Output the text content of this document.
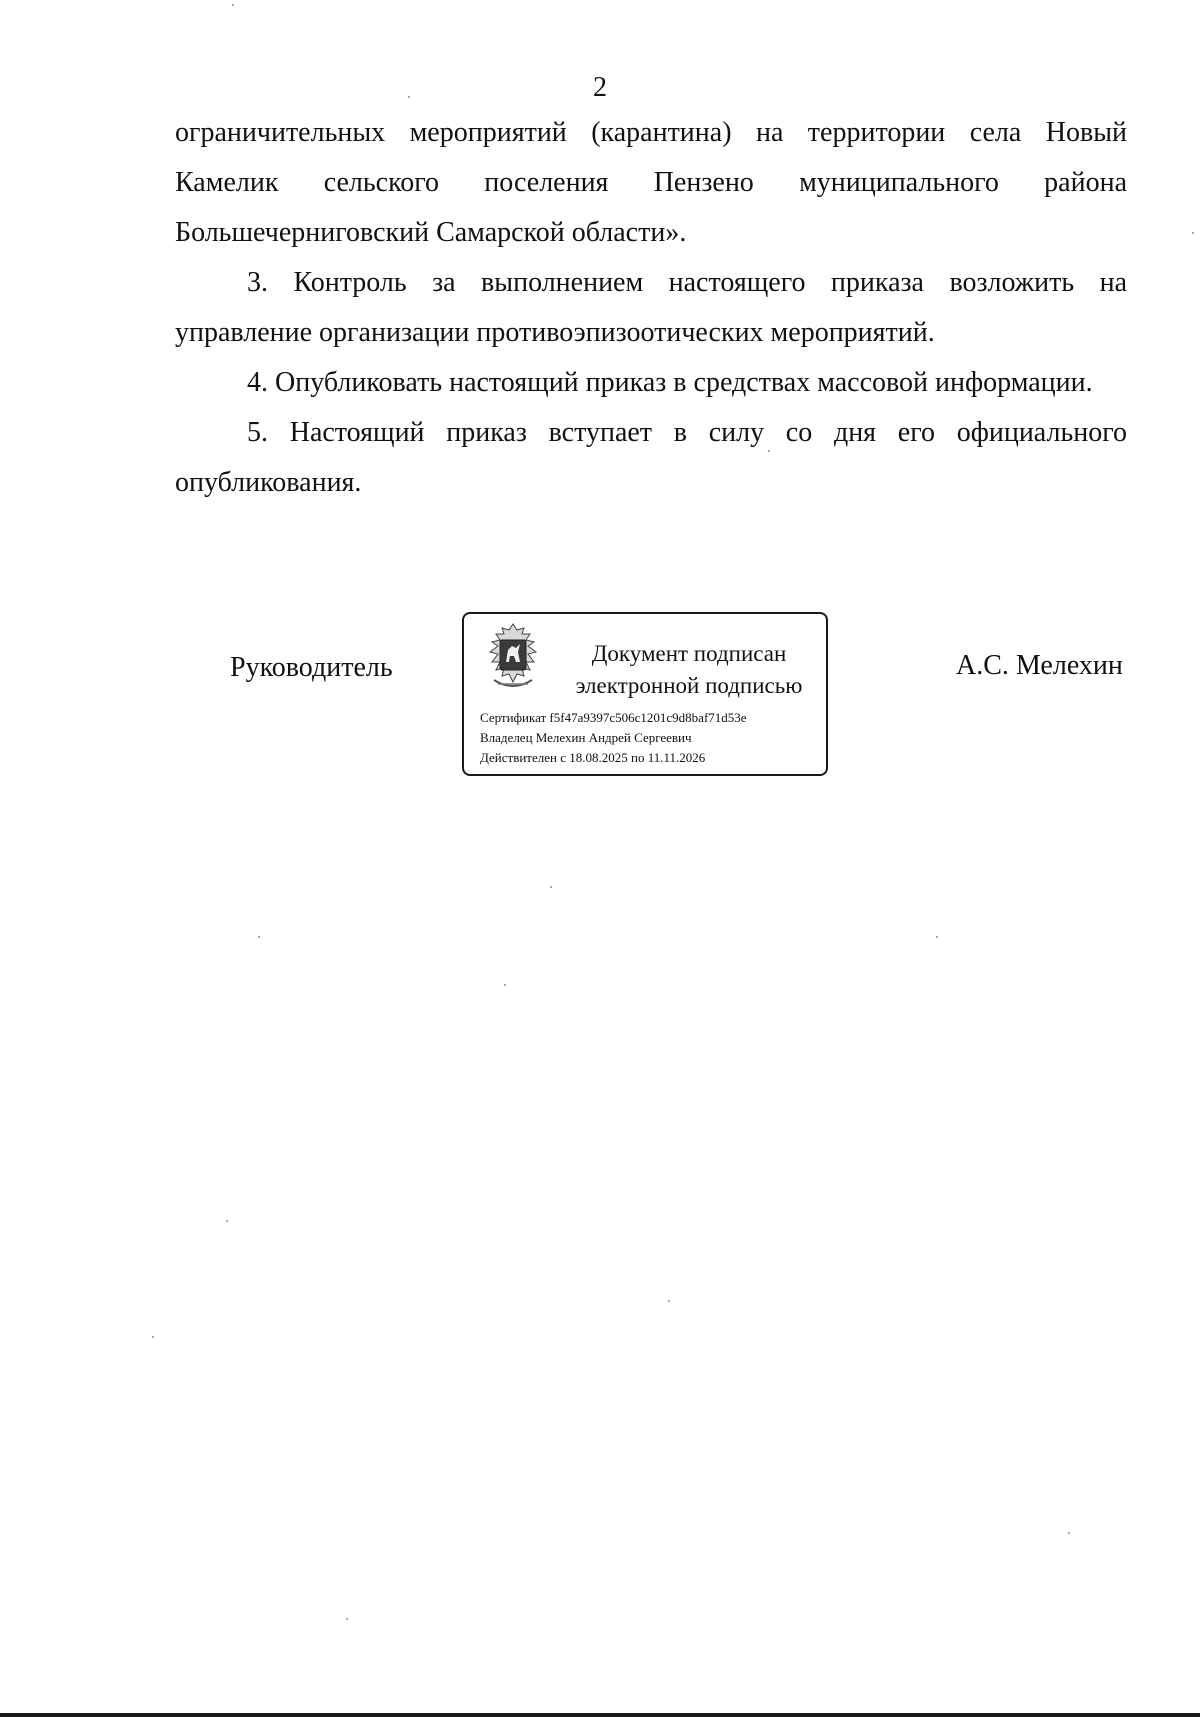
2

ограничительных мероприятий (карантина) на территории села Новый Камелик сельского поселения Пензено муниципального района Большечерниговский Самарской области».

3. Контроль за выполнением настоящего приказа возложить на управление организации противоэпизоотических мероприятий.

4. Опубликовать настоящий приказ в средствах массовой информации.

5. Настоящий приказ вступает в силу со дня его официального опубликования.

Руководитель	Документ подписан
электронной подписью
Сертификат f5f47a9397c506c1201c9d8baf71d53e
Владелец Мелехин Андрей Сергеевич
Действителен с 18.08.2025 по 11.11.2026
А.С. Мелехин
